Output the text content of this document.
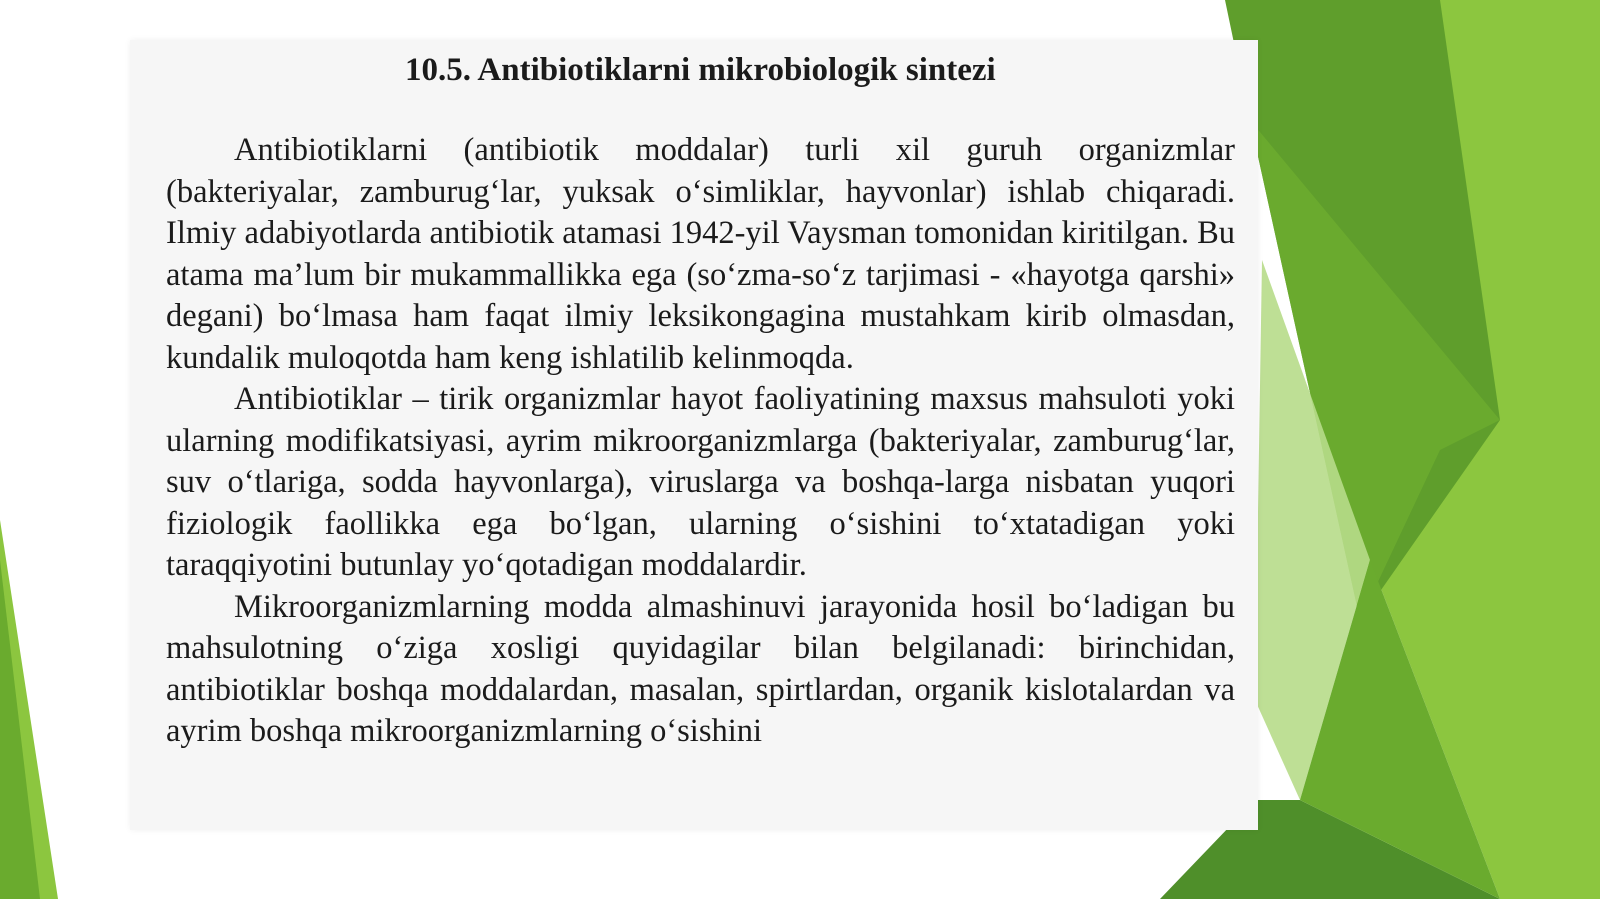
10.5. Antibiotiklarni mikrobiologik sintezi

Antibiotiklarni (antibiotik moddalar) turli xil guruh organizmlar (bakteriyalar, zamburug‘lar, yuksak o‘simliklar, hayvonlar) ishlab chiqaradi. Ilmiy adabiyotlarda antibiotik atamasi 1942-yil Vaysman tomonidan kiritilgan. Bu atama ma’lum bir mukammallikka ega (so‘zma-so‘z tarjimasi - «hayotga qarshi» degani) bo‘lmasa ham faqat ilmiy leksikongagina mustahkam kirib olmasdan, kundalik muloqotda ham keng ishlatilib kelinmoqda.

Antibiotiklar – tirik organizmlar hayot faoliyatining maxsus mahsuloti yoki ularning modifikatsiyasi, ayrim mikroorganizmlarga (bakteriyalar, zamburug‘lar, suv o‘tlariga, sodda hayvonlarga), viruslarga va boshqa-larga nisbatan yuqori fiziologik faollikka ega bo‘lgan, ularning o‘sishini to‘xtatadigan yoki taraqqiyotini butunlay yo‘qotadigan moddalardir.

Mikroorganizmlarning modda almashinuvi jarayonida hosil bo‘ladigan bu mahsulotning o‘ziga xosligi quyidagilar bilan belgilanadi: birinchidan, antibiotiklar boshqa moddalardan, masalan, spirtlardan, organik kislotalardan va ayrim boshqa mikroorganizmlarning o‘sishini
